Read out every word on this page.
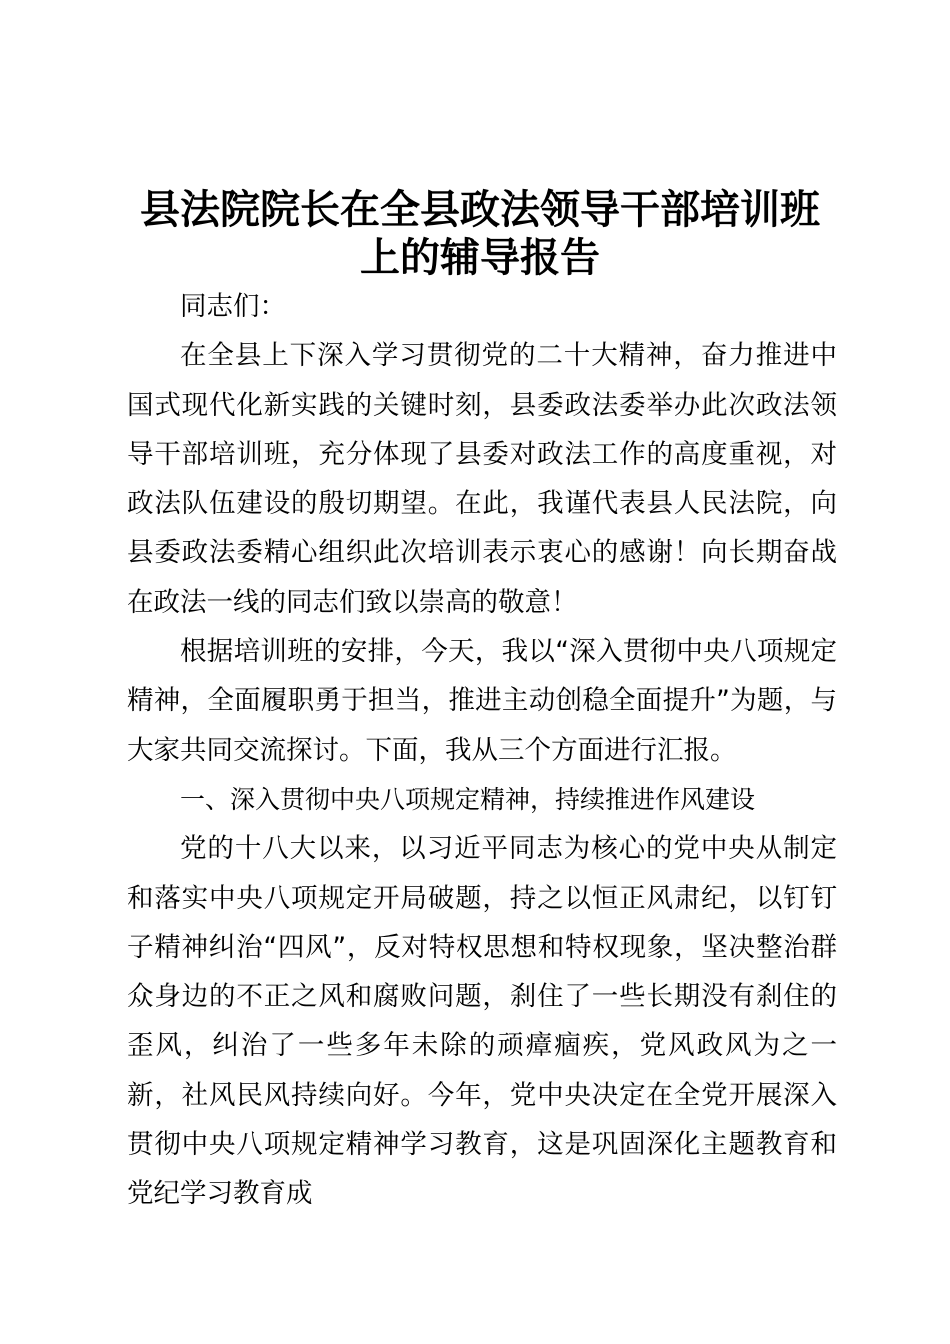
县法院院长在全县政法领导干部培训班
上的辅导报告

同志们：

在全县上下深入学习贯彻党的二十大精神，奋力推进中国式现代化新实践的关键时刻，县委政法委举办此次政法领导干部培训班，充分体现了县委对政法工作的高度重视，对政法队伍建设的殷切期望。在此，我谨代表县人民法院，向县委政法委精心组织此次培训表示衷心的感谢！向长期奋战在政法一线的同志们致以崇高的敬意！

根据培训班的安排，今天，我以“深入贯彻中央八项规定精神，全面履职勇于担当，推进主动创稳全面提升”为题，与大家共同交流探讨。下面，我从三个方面进行汇报。

一、深入贯彻中央八项规定精神，持续推进作风建设

党的十八大以来，以习近平同志为核心的党中央从制定和落实中央八项规定开局破题，持之以恒正风肃纪，以钉钉子精神纠治“四风”，反对特权思想和特权现象，坚决整治群众身边的不正之风和腐败问题，刹住了一些长期没有刹住的歪风，纠治了一些多年未除的顽瘴痼疾，党风政风为之一新，社风民风持续向好。今年，党中央决定在全党开展深入贯彻中央八项规定精神学习教育，这是巩固深化主题教育和党纪学习教育成
